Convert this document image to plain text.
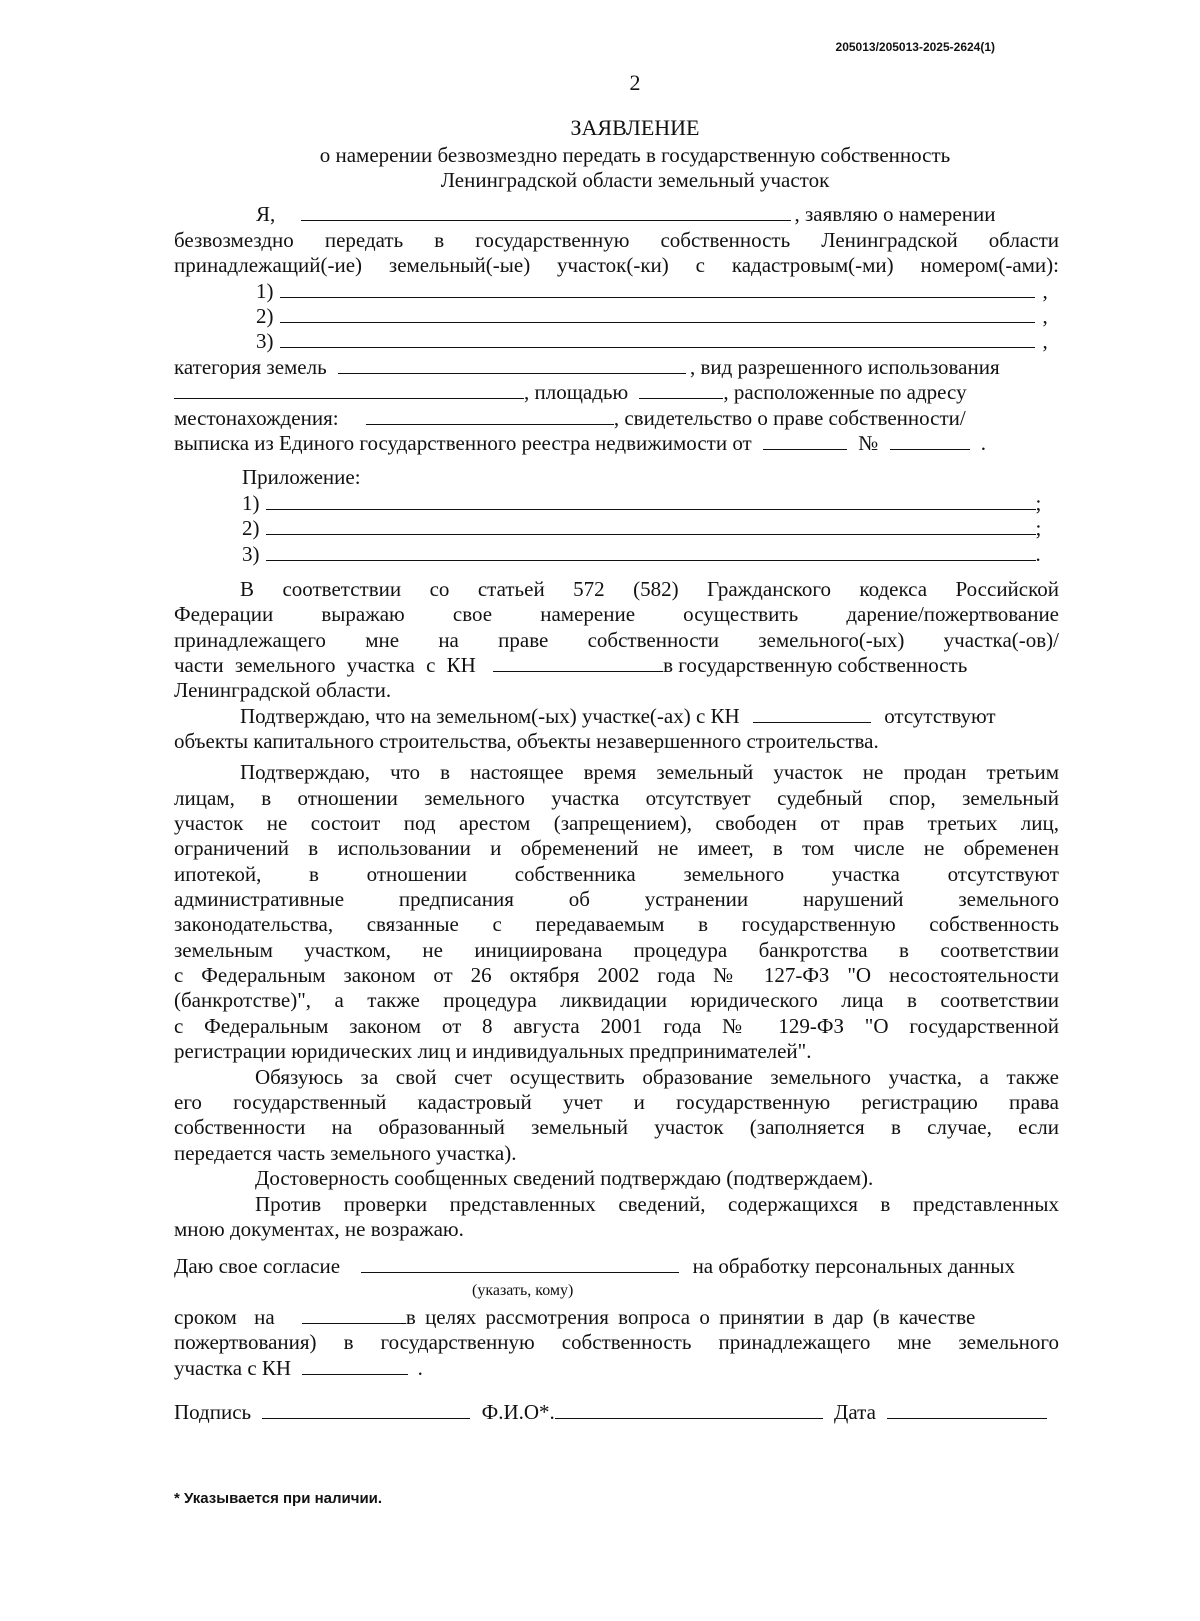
205013/205013-2025-2624(1)
2
ЗАЯВЛЕНИЕ
о намерении безвозмездно передать в государственную собственность
Ленинградской области земельный участок
Я,	, заявляю о намерении
безвозмездно передать в государственную собственность Ленинградской области
принадлежащий(-ие) земельный(-ые) участок(-ки) с кадастровым(-ми) номером(-ами):
1)	,
2)	,
3)	,
категория земель	, вид разрешенного использования
, площадью	, расположенные по адресу
местонахождения:	, свидетельство о праве собственности/
выписка из Единого государственного реестра недвижимости от	№	.
Приложение:
1)	;
2)	;
3)	.
В соответствии со статьей 572 (582) Гражданского кодекса Российской
Федерации выражаю свое намерение осуществить дарение/пожертвование
принадлежащего мне на праве собственности земельного(-ых) участка(-ов)/
части земельного участка с КН	в государственную собственность
Ленинградской области.
Подтверждаю, что на земельном(-ых) участке(-ах) с КН	отсутствуют
объекты капитального строительства, объекты незавершенного строительства.
Подтверждаю, что в настоящее время земельный участок не продан третьим
лицам, в отношении земельного участка отсутствует судебный спор, земельный
участок не состоит под арестом (запрещением), свободен от прав третьих лиц,
ограничений в использовании и обременений не имеет, в том числе не обременен
ипотекой, в отношении собственника земельного участка отсутствуют
административные предписания об устранении нарушений земельного
законодательства, связанные с передаваемым в государственную собственность
земельным участком, не инициирована процедура банкротства в соответствии
с Федеральным законом от 26 октября 2002 года № 127-ФЗ "О несостоятельности
(банкротстве)", а также процедура ликвидации юридического лица в соответствии
с Федеральным законом от 8 августа 2001 года № 129-ФЗ "О государственной
регистрации юридических лиц и индивидуальных предпринимателей".
Обязуюсь за свой счет осуществить образование земельного участка, а также
его государственный кадастровый учет и государственную регистрацию права
собственности на образованный земельный участок (заполняется в случае, если
передается часть земельного участка).
Достоверность сообщенных сведений подтверждаю (подтверждаем).
Против проверки представленных сведений, содержащихся в представленных
мною документах, не возражаю.
Даю свое согласие	на обработку персональных данных
(указать, кому)
сроком на	в целях рассмотрения вопроса о принятии в дар (в качестве
пожертвования) в государственную собственность принадлежащего мне земельного
участка с КН	.
Подпись	Ф.И.О*.	Дата
* Указывается при наличии.
